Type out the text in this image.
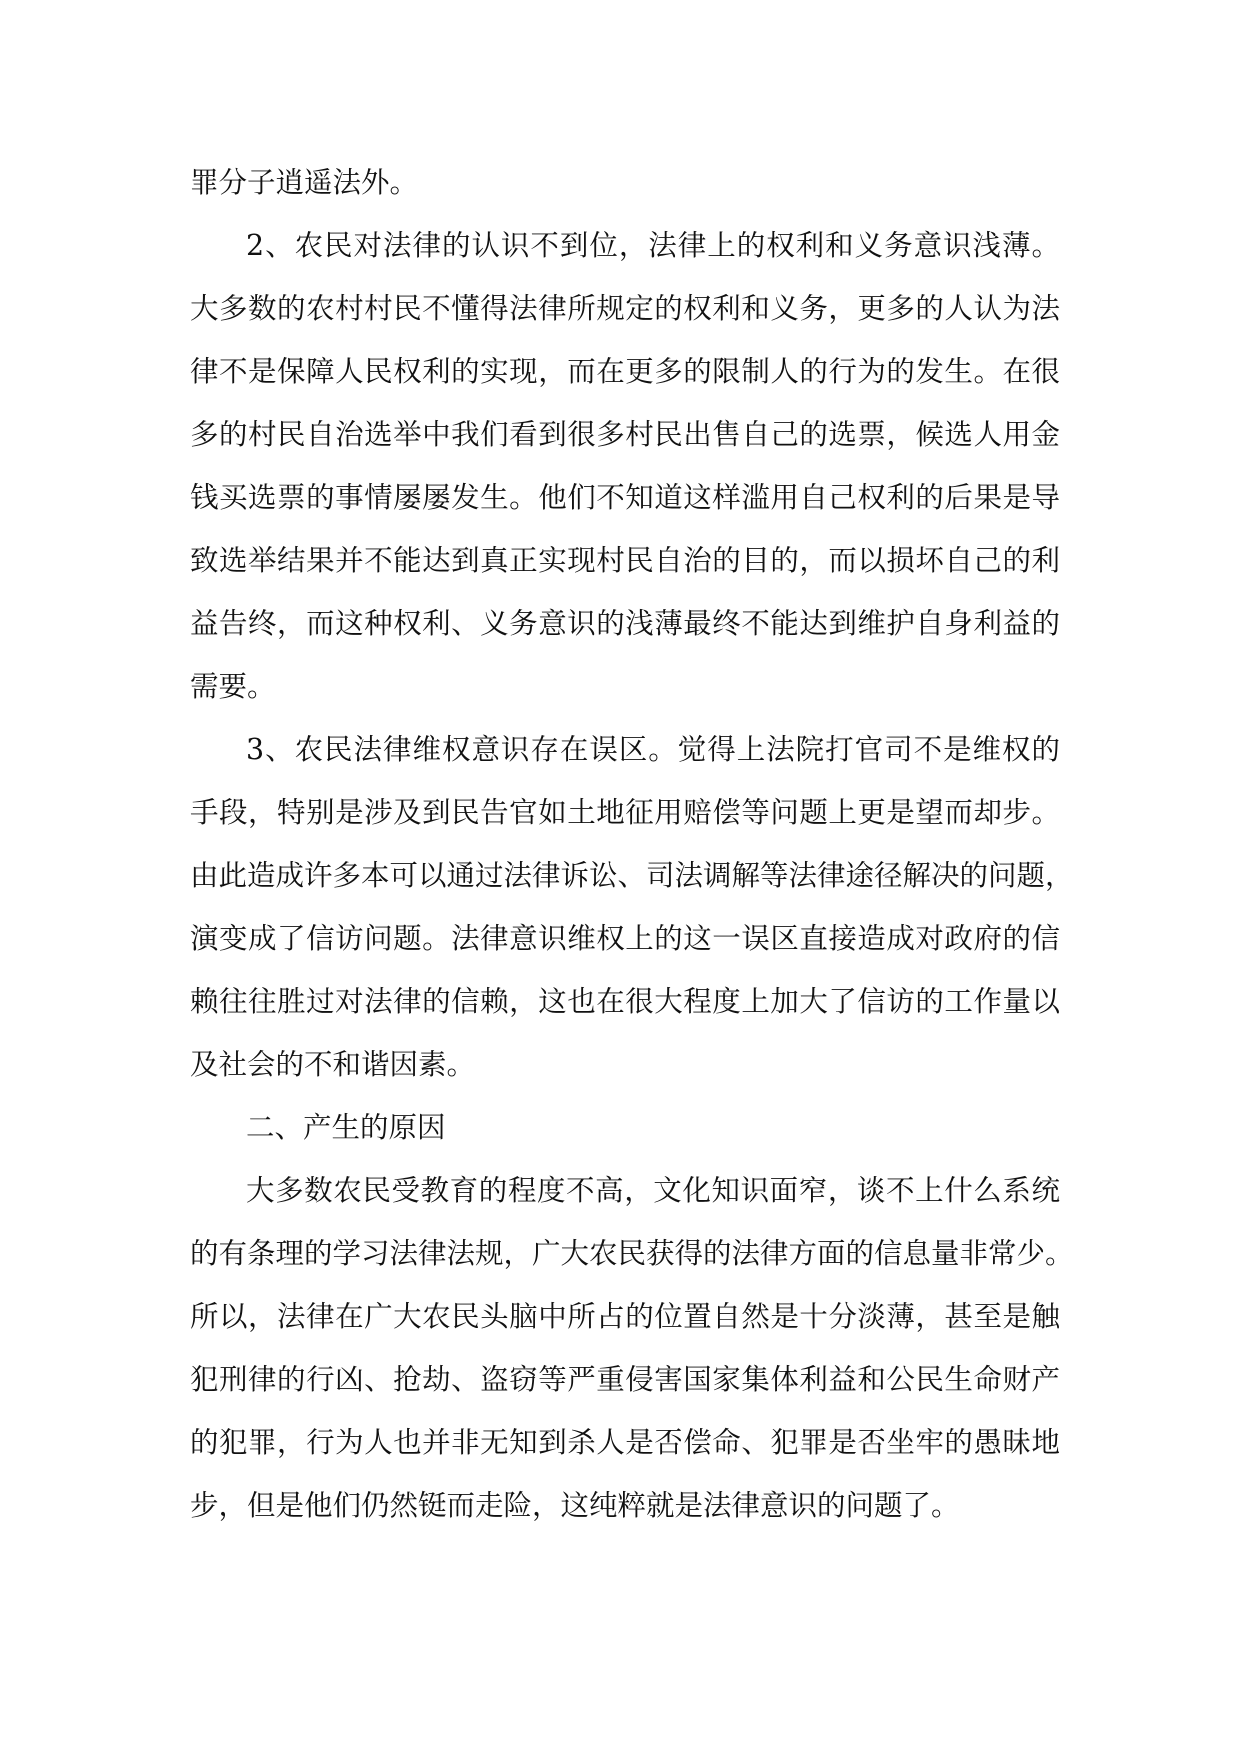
罪分子逍遥法外。
2、农民对法律的认识不到位，法律上的权利和义务意识浅薄。
大多数的农村村民不懂得法律所规定的权利和义务，更多的人认为法
律不是保障人民权利的实现，而在更多的限制人的行为的发生。在很
多的村民自治选举中我们看到很多村民出售自己的选票，候选人用金
钱买选票的事情屡屡发生。他们不知道这样滥用自己权利的后果是导
致选举结果并不能达到真正实现村民自治的目的，而以损坏自己的利
益告终，而这种权利、义务意识的浅薄最终不能达到维护自身利益的
需要。
3、农民法律维权意识存在误区。觉得上法院打官司不是维权的
手段，特别是涉及到民告官如土地征用赔偿等问题上更是望而却步。
由此造成许多本可以通过法律诉讼、司法调解等法律途径解决的问题，
演变成了信访问题。法律意识维权上的这一误区直接造成对政府的信
赖往往胜过对法律的信赖，这也在很大程度上加大了信访的工作量以
及社会的不和谐因素。
二、产生的原因
大多数农民受教育的程度不高，文化知识面窄，谈不上什么系统
的有条理的学习法律法规，广大农民获得的法律方面的信息量非常少。
所以，法律在广大农民头脑中所占的位置自然是十分淡薄，甚至是触
犯刑律的行凶、抢劫、盗窃等严重侵害国家集体利益和公民生命财产
的犯罪，行为人也并非无知到杀人是否偿命、犯罪是否坐牢的愚昧地
步，但是他们仍然铤而走险，这纯粹就是法律意识的问题了。
